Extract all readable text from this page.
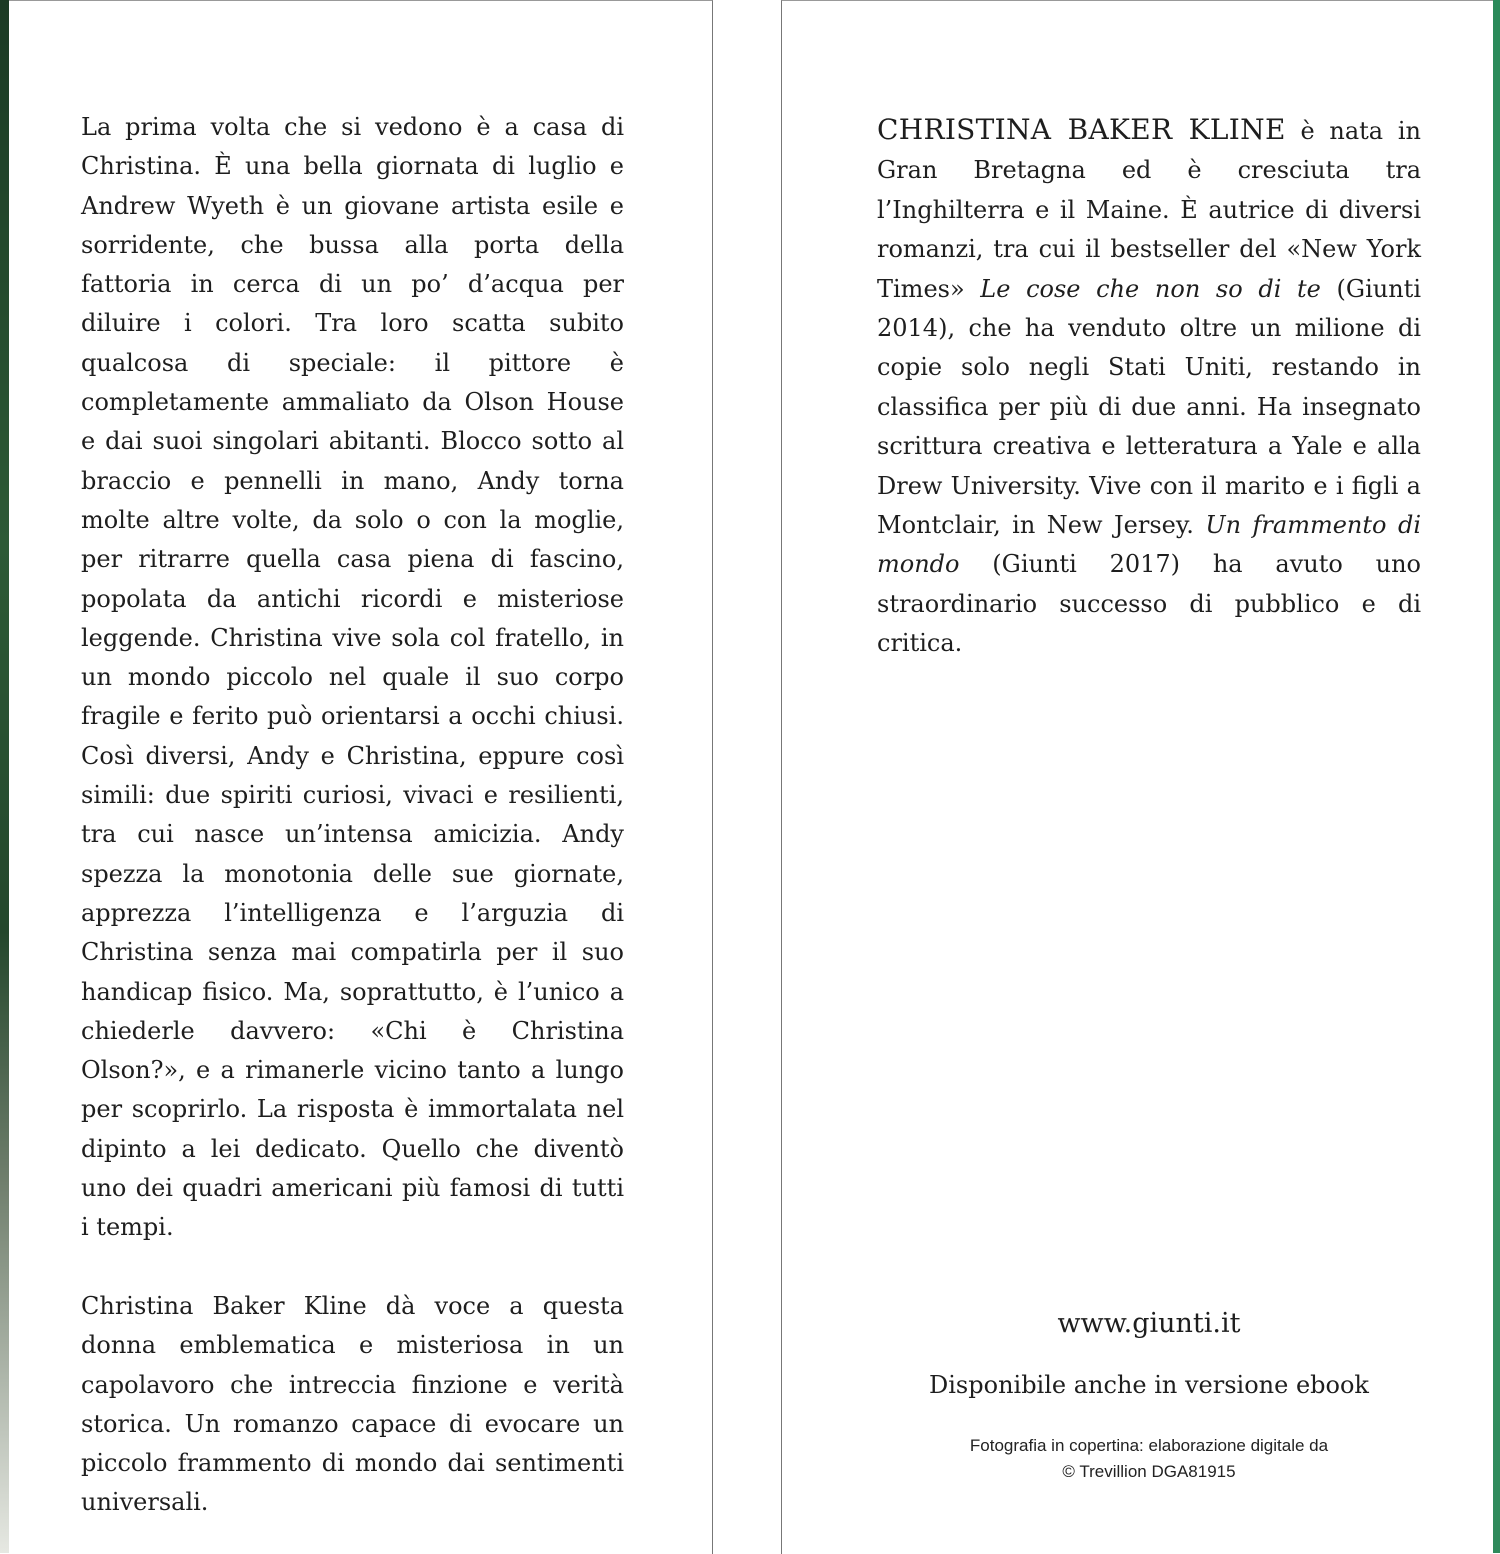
La prima volta che si vedono è a casa di Christina. È una bella giornata di luglio e Andrew Wyeth è un giovane artista esile e sorridente, che bussa alla porta della fattoria in cerca di un po’ d’acqua per diluire i colori. Tra loro scatta subito qualcosa di speciale: il pittore è completamente ammaliato da Olson House e dai suoi singolari abitanti. Blocco sotto al braccio e pennelli in mano, Andy torna molte altre volte, da solo o con la moglie, per ritrarre quella casa piena di fascino, popolata da antichi ricordi e misteriose leggende. Christina vive sola col fratello, in un mondo piccolo nel quale il suo corpo fragile e ferito può orientarsi a occhi chiusi. Così diversi, Andy e Christina, eppure così simili: due spiriti curiosi, vivaci e resilienti, tra cui nasce un’intensa amicizia. Andy spezza la monotonia delle sue giornate, apprezza l’intelligenza e l’arguzia di Christina senza mai compatirla per il suo handicap fisico. Ma, soprattutto, è l’unico a chiederle davvero: «Chi è Christina Olson?», e a rimanerle vicino tanto a lungo per scoprirlo. La risposta è immortalata nel dipinto a lei dedicato. Quello che diventò uno dei quadri americani più famosi di tutti i tempi.

Christina Baker Kline dà voce a questa donna emblematica e misteriosa in un capolavoro che intreccia finzione e verità storica. Un romanzo capace di evocare un piccolo frammento di mondo dai sentimenti universali.

CHRISTINA BAKER KLINE è nata in Gran Bretagna ed è cresciuta tra l’Inghilterra e il Maine. È autrice di diversi romanzi, tra cui il bestseller del «New York Times» Le cose che non so di te (Giunti 2014), che ha venduto oltre un milione di copie solo negli Stati Uniti, restando in classifica per più di due anni. Ha insegnato scrittura creativa e letteratura a Yale e alla Drew University. Vive con il marito e i figli a Montclair, in New Jersey. Un frammento di mondo (Giunti 2017) ha avuto uno straordinario successo di pubblico e di critica.
www.giunti.it
Disponibile anche in versione ebook
Fotografia in copertina: elaborazione digitale da
© Trevillion DGA81915
